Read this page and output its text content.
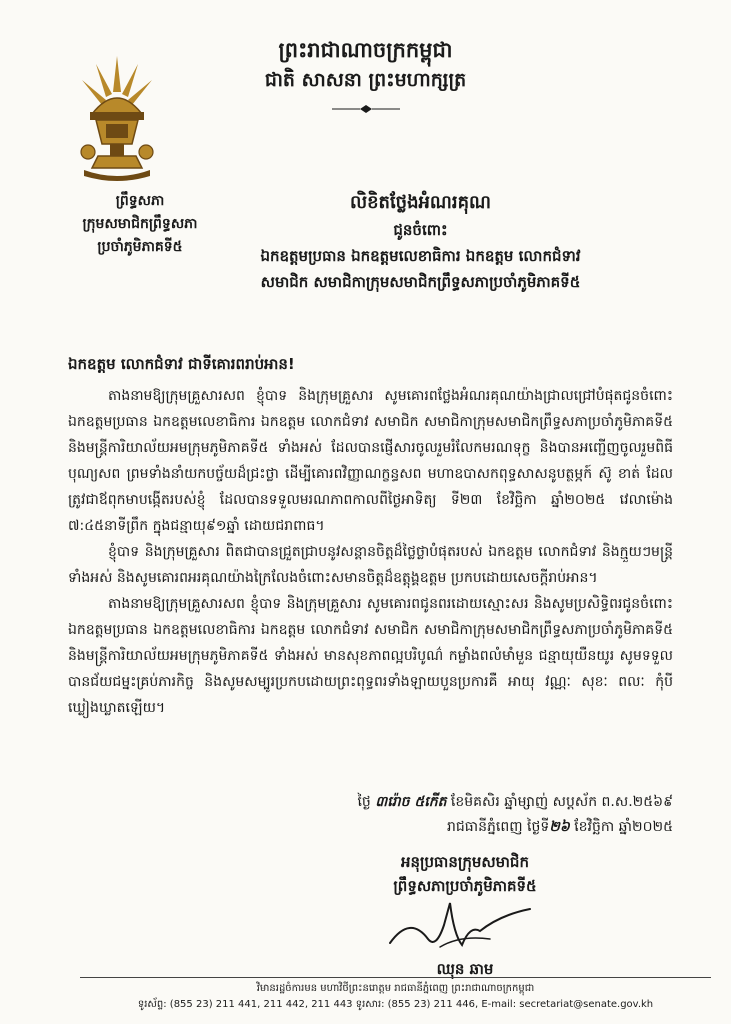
ព្រះរាជាណាចក្រកម្ពុជា
ជាតិ សាសនា ព្រះមហាក្សត្រ
ព្រឹទ្ធសភា
ក្រុមសមាជិកព្រឹទ្ធសភា
ប្រចាំភូមិភាគទី៥
លិខិតថ្លែងអំណរគុណ
ជូនចំពោះ
ឯកឧត្តមប្រធាន ឯកឧត្តមលេខាធិការ ឯកឧត្តម លោកជំទាវ
សមាជិក សមាជិកាក្រុមសមាជិកព្រឹទ្ធសភាប្រចាំភូមិភាគទី៥
ឯកឧត្តម លោកជំទាវ ជាទីគោរពរាប់អាន!

តាងនាមឱ្យក្រុមគ្រួសារសព ខ្ញុំបាទ និងក្រុមគ្រួសារ សូមគោរពថ្លែងអំណរគុណយ៉ាងជ្រាលជ្រៅបំផុតជូនចំពោះ ឯកឧត្តមប្រធាន ឯកឧត្តមលេខាធិការ ឯកឧត្តម លោកជំទាវ សមាជិក សមាជិកាក្រុមសមាជិកព្រឹទ្ធសភាប្រចាំភូមិភាគទី៥ និងមន្ត្រីការិយាល័យអមក្រុមភូមិភាគទី៥ ទាំងអស់ ដែលបានផ្ញើសារចូលរួមរំលែកមរណទុក្ខ និងបានអញ្ជើញចូលរួមពិធីបុណ្យសព ព្រមទាំងនាំយកបច្ច័យដ៏ជ្រះថ្លា ដើម្បីគោរពវិញ្ញាណក្ខន្ធសព មហាឧបាសកពុទ្ធសាសនូបត្ថម្ភក៍ ស៊ូ ខាត់ ដែលត្រូវជាឪពុកមាបង្កើតរបស់ខ្ញុំ ដែលបានទទួលមរណភាពកាលពីថ្ងៃអាទិត្យ ទី២៣ ខែវិច្ឆិកា ឆ្នាំ២០២៥ វេលាម៉ោង ៧:៤៥នាទីព្រឹក ក្នុងជន្មាយុ៩១ឆ្នាំ ដោយជរាពាធ។

ខ្ញុំបាទ និងក្រុមគ្រួសារ ពិតជាបានជ្រួតជ្រាបនូវសន្តានចិត្តដ៏ថ្លៃថ្លាបំផុតរបស់ ឯកឧត្តម លោកជំទាវ និងក្មួយៗមន្ត្រីទាំងអស់ និងសូមគោរពអរគុណយ៉ាងក្រៃលែងចំពោះសមានចិត្តដ៏ឧត្តុង្គឧត្តម ប្រកបដោយសេចក្ដីរាប់អាន។

តាងនាមឱ្យក្រុមគ្រួសារសព ខ្ញុំបាទ និងក្រុមគ្រួសារ សូមគោរពជូនពរដោយស្មោះសរ និងសូមប្រសិទ្ធិពរជូនចំពោះ ឯកឧត្តមប្រធាន ឯកឧត្តមលេខាធិការ ឯកឧត្តម លោកជំទាវ សមាជិក សមាជិកាក្រុមសមាជិកព្រឹទ្ធសភាប្រចាំភូមិភាគទី៥ និងមន្ត្រីការិយាល័យអមក្រុមភូមិភាគទី៥ ទាំងអស់ មានសុខភាពល្អបរិបូណ៌ កម្លាំងពលំមាំមួន ជន្មាយុយឺនយូរ សូមទទួលបានជ័យជម្នះគ្រប់ភារកិច្ច និងសូមសម្បូរប្រកបដោយព្រះពុទ្ធពរទាំងឡាយបួនប្រការគឺ អាយុ វណ្ណៈ សុខៈ ពលៈ កុំបីឃ្លៀងឃ្លាតឡើយ។

ថ្ងៃ ៣រ៉ោច ៥កើត ខែមិគសិរ ឆ្នាំម្សាញ់ សប្តស័ក ព.ស.២៥៦៩
រាជធានីភ្នំពេញ ថ្ងៃទី២៦ ខែវិច្ឆិកា ឆ្នាំ២០២៥
អនុប្រធានក្រុមសមាជិក
ព្រឹទ្ធសភាប្រចាំភូមិភាគទី៥
ឈុន ឆាម
វិមានរដ្ឋចំការមន មហាវិថីព្រះនរោត្តម រាជធានីភ្នំពេញ ព្រះរាជាណាចក្រកម្ពុជា
ទូរស័ព្ទ: (855 23) 211 441, 211 442, 211 443 ទូរសារ: (855 23) 211 446, E-mail: secretariat@senate.gov.kh
